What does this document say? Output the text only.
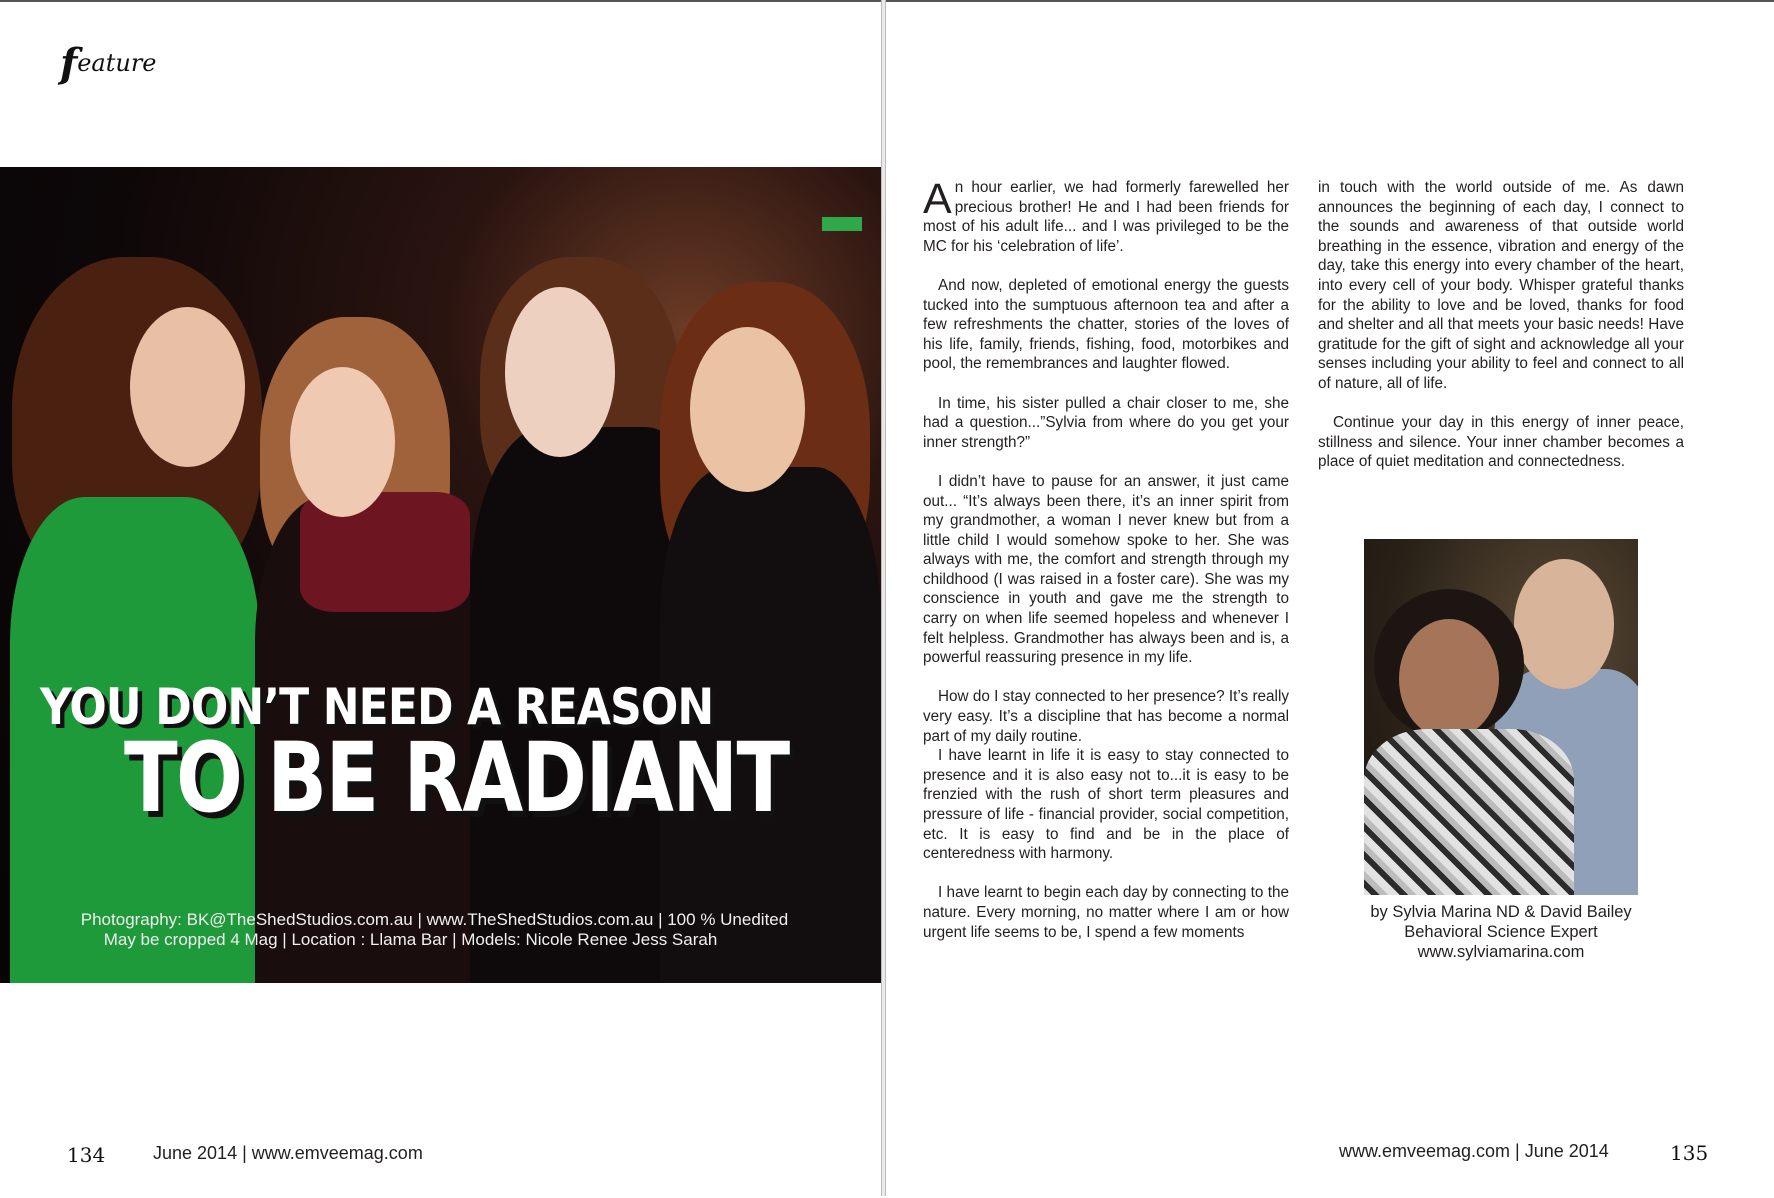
feature
YOU DON’T NEED A REASON
TO BE RADIANT
Photography: BK@TheShedStudios.com.au | www.TheShedStudios.com.au | 100 % Unedited
May be cropped 4 Mag | Location : Llama Bar | Models: Nicole Renee Jess Sarah
134	June 2014 | www.emveemag.com

An hour earlier, we had formerly farewelled her precious brother! He and I had been friends for most of his adult life... and I was privileged to be the MC for his ‘celebration of life’.

And now, depleted of emotional energy the guests tucked into the sumptuous afternoon tea and after a few refreshments the chatter, stories of the loves of his life, family, friends, fishing, food, motorbikes and pool, the remembrances and laughter flowed.

In time, his sister pulled a chair closer to me, she had a question...”Sylvia from where do you get your inner strength?”

I didn’t have to pause for an answer, it just came out... “It’s always been there, it’s an inner spirit from my grandmother, a woman I never knew but from a little child I would somehow spoke to her. She was always with me, the comfort and strength through my childhood (I was raised in a foster care). She was my conscience in youth and gave me the strength to carry on when life seemed hopeless and whenever I felt helpless. Grandmother has always been and is, a powerful reassuring presence in my life.

How do I stay connected to her presence? It’s really very easy. It’s a discipline that has become a normal part of my daily routine.

I have learnt in life it is easy to stay connected to presence and it is also easy not to...it is easy to be frenzied with the rush of short term pleasures and pressure of life - financial provider, social competition, etc. It is easy to find and be in the place of centeredness with harmony.

I have learnt to begin each day by connecting to the nature. Every morning, no matter where I am or how urgent life seems to be, I spend a few moments

in touch with the world outside of me. As dawn announces the beginning of each day, I connect to the sounds and awareness of that outside world breathing in the essence, vibration and energy of the day, take this energy into every chamber of the heart, into every cell of your body. Whisper grateful thanks for the ability to love and be loved, thanks for food and shelter and all that meets your basic needs! Have gratitude for the gift of sight and acknowledge all your senses including your ability to feel and connect to all of nature, all of life.

Continue your day in this energy of inner peace, stillness and silence. Your inner chamber becomes a place of quiet meditation and connectedness.

by Sylvia Marina ND & David Bailey
Behavioral Science Expert
www.sylviamarina.com
www.emveemag.com | June 2014	135
